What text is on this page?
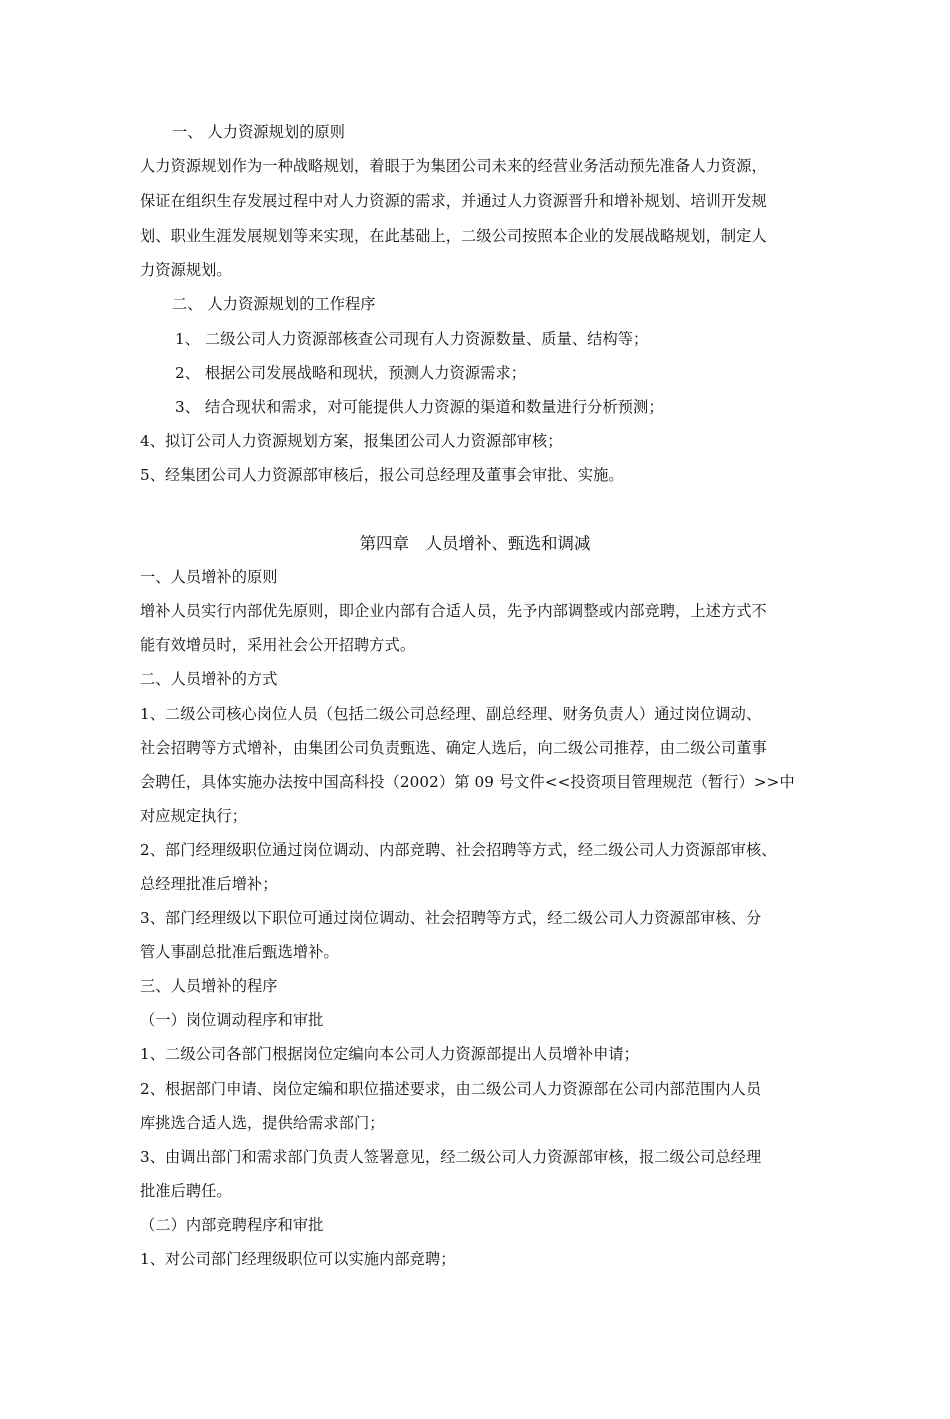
一、 人力资源规划的原则
人力资源规划作为一种战略规划，着眼于为集团公司未来的经营业务活动预先准备人力资源，
保证在组织生存发展过程中对人力资源的需求，并通过人力资源晋升和增补规划、培训开发规
划、职业生涯发展规划等来实现，在此基础上，二级公司按照本企业的发展战略规划，制定人
力资源规划。
二、 人力资源规划的工作程序
1、 二级公司人力资源部核查公司现有人力资源数量、质量、结构等；
2、 根据公司发展战略和现状，预测人力资源需求；
3、 结合现状和需求，对可能提供人力资源的渠道和数量进行分析预测；
4、拟订公司人力资源规划方案，报集团公司人力资源部审核；
5、经集团公司人力资源部审核后，报公司总经理及董事会审批、实施。
第四章　人员增补、甄选和调减
一、人员增补的原则
增补人员实行内部优先原则，即企业内部有合适人员，先予内部调整或内部竞聘，上述方式不
能有效增员时，采用社会公开招聘方式。
二、人员增补的方式
1、二级公司核心岗位人员（包括二级公司总经理、副总经理、财务负责人）通过岗位调动、
社会招聘等方式增补，由集团公司负责甄选、确定人选后，向二级公司推荐，由二级公司董事
会聘任，具体实施办法按中国高科投（2002）第 09 号文件<<投资项目管理规范（暂行）>>中
对应规定执行；
2、部门经理级职位通过岗位调动、内部竞聘、社会招聘等方式，经二级公司人力资源部审核、
总经理批准后增补；
3、部门经理级以下职位可通过岗位调动、社会招聘等方式，经二级公司人力资源部审核、分
管人事副总批准后甄选增补。
三、人员增补的程序
（一）岗位调动程序和审批
1、二级公司各部门根据岗位定编向本公司人力资源部提出人员增补申请；
2、根据部门申请、岗位定编和职位描述要求，由二级公司人力资源部在公司内部范围内人员
库挑选合适人选，提供给需求部门；
3、由调出部门和需求部门负责人签署意见，经二级公司人力资源部审核，报二级公司总经理
批准后聘任。
（二）内部竞聘程序和审批
1、对公司部门经理级职位可以实施内部竞聘；
